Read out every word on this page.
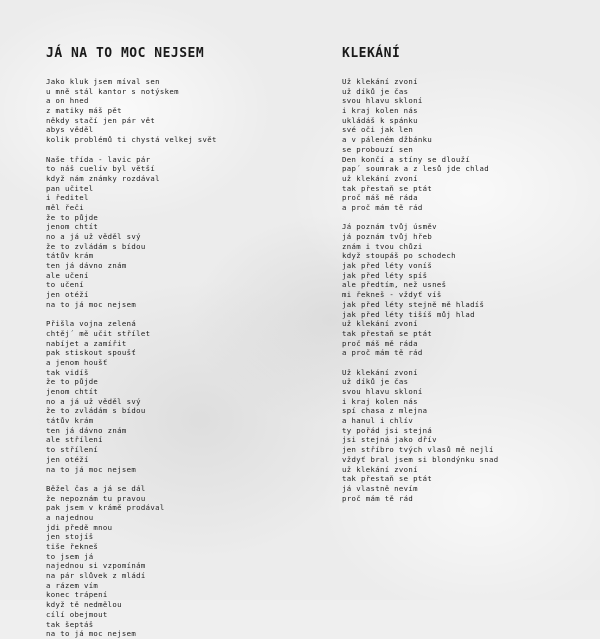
JÁ NA TO MOC NEJSEM
Jako kluk jsem míval sen
u mně stál kantor s notýskem
a on hned
z matiky máš pět
někdy stačí jen pár vět
abys věděl
kolik problémů ti chystá velkej svět
Naše třída - lavic pár
to náš cuelív byl větší
když nám známky rozdával
pan učitel
i ředitel
měl řeči
že to půjde
jenom chtít
no a já už věděl svý
že to zvládám s bídou
tátův krám
ten já dávno znám
ale učení
to učení
jen otéží
na to já moc nejsem
Přišla vojna zelená
chtěj´ mě učit střílet
nabíjet a zamířit
pak stiskout spoušť
a jenom houšť
tak vidíš
že to půjde
jenom chtít
no a já už věděl svý
že to zvládám s bídou
tátův krám
ten já dávno znám
ale střílení
to střílení
jen otéží
na to já moc nejsem
Běžel čas a já se dál
že nepoznám tu pravou
pak jsem v krámě prodával
a najednou
jdi předě mnou
jen stojíš
tiše řekneš
to jsem já
najednou si vzpomínám
na pár slůvek z mládí
a rázem vím
konec trápení
když tě nedmělou
cílí obejmout
tak šeptáš
na to já moc nejsem
KLEKÁNÍ
Už klekání zvoní
už díků je čas
svou hlavu skloní
i kraj kolen nás
ukládáš k spánku
své oči jak len
a v páleném džbánku
se probouzí sen
Den končí a stíny se dlouží
pap´ soumrak a z lesů jde chlad
už klekání zvoní
tak přestaň se ptát
proč máš mě ráda
a proč mám tě rád
Já poznám tvůj úsměv
já poznám tvůj hřeb
znám i tvou chůzi
když stoupáš po schodech
jak před léty voníš
jak před léty spíš
ale předtím, než usneš
mi řekneš - vždyť víš
jak před léty stejně mě hladíš
jak před léty tišíš můj hlad
už klekání zvoní
tak přestaň se ptát
proč máš mě ráda
a proč mám tě rád
Už klekání zvoní
už díků je čas
svou hlavu skloní
i kraj kolen nás
spí chasa z mlejna
a hanul i chlív
ty pořád jsi stejná
jsi stejná jako dřív
jen stříbro tvých vlasů mě nejlí
vždyť bral jsem si blondýnku snad
už klekání zvoní
tak přestaň se ptát
já vlastně nevím
proč mám tě rád
